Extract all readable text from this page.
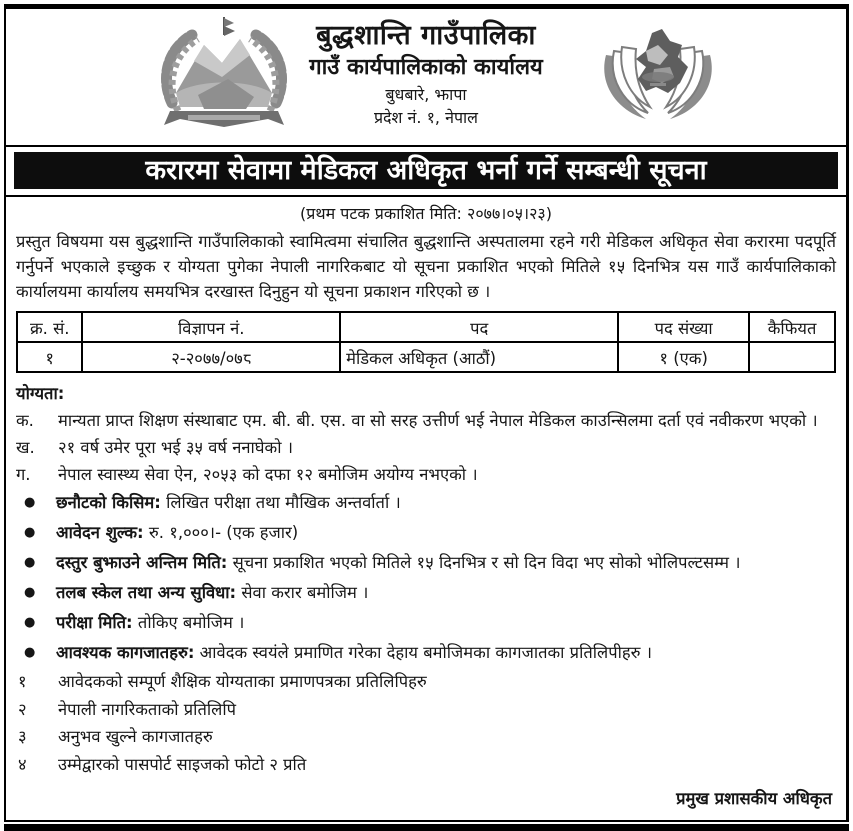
बुद्धशान्ति गाउँपालिका
गाउँ कार्यपालिकाको कार्यालय
बुधबारे, झापा
प्रदेश नं. १, नेपाल
करारमा सेवामा मेडिकल अधिकृत भर्ना गर्ने सम्बन्धी सूचना
(प्रथम पटक प्रकाशित मिति: २०७७।०५।२३)

प्रस्तुत विषयमा यस बुद्धशान्ति गाउँपालिकाको स्वामित्वमा संचालित बुद्धशान्ति अस्पतालमा रहने गरी मेडिकल अधिकृत सेवा करारमा पदपूर्ति गर्नुपर्ने भएकाले इच्छुक र योग्यता पुगेका नेपाली नागरिकबाट यो सूचना प्रकाशित भएको मितिले १५ दिनभित्र यस गाउँ कार्यपालिकाको कार्यालयमा कार्यालय समयभित्र दरखास्त दिनुहुन यो सूचना प्रकाशन गरिएको छ ।

क्र. सं.	विज्ञापन नं.	पद	पद संख्या	कैफियत
१	२-२०७७/०७८	मेडिकल अधिकृत (आठौं)	१ (एक)	
योग्यता:
क.	मान्यता प्राप्त शिक्षण संस्थाबाट एम. बी. बी. एस. वा सो सरह उत्तीर्ण भई नेपाल मेडिकल काउन्सिलमा दर्ता एवं नवीकरण भएको ।
ख.	२१ वर्ष उमेर पूरा भई ३५ वर्ष ननाघेको ।
ग.	नेपाल स्वास्थ्य सेवा ऐन, २०५३ को दफा १२ बमोजिम अयोग्य नभएको ।
●	छनौटको किसिम: लिखित परीक्षा तथा मौखिक अन्तर्वार्ता ।
●	आवेदन शुल्क: रु. १,०००।- (एक हजार)
●	दस्तुर बुझाउने अन्तिम मिति: सूचना प्रकाशित भएको मितिले १५ दिनभित्र र सो दिन विदा भए सोको भोलिपल्टसम्म ।
●	तलब स्केल तथा अन्य सुविधा: सेवा करार बमोजिम ।
●	परीक्षा मिति: तोकिए बमोजिम ।
●	आवश्यक कागजातहरु: आवेदक स्वयंले प्रमाणित गरेका देहाय बमोजिमका कागजातका प्रतिलिपीहरु ।
१	आवेदकको सम्पूर्ण शैक्षिक योग्यताका प्रमाणपत्रका प्रतिलिपिहरु
२	नेपाली नागरिकताको प्रतिलिपि
३	अनुभव खुल्ने कागजातहरु
४	उम्मेद्वारको पासपोर्ट साइजको फोटो २ प्रति
प्रमुख प्रशासकीय अधिकृत
